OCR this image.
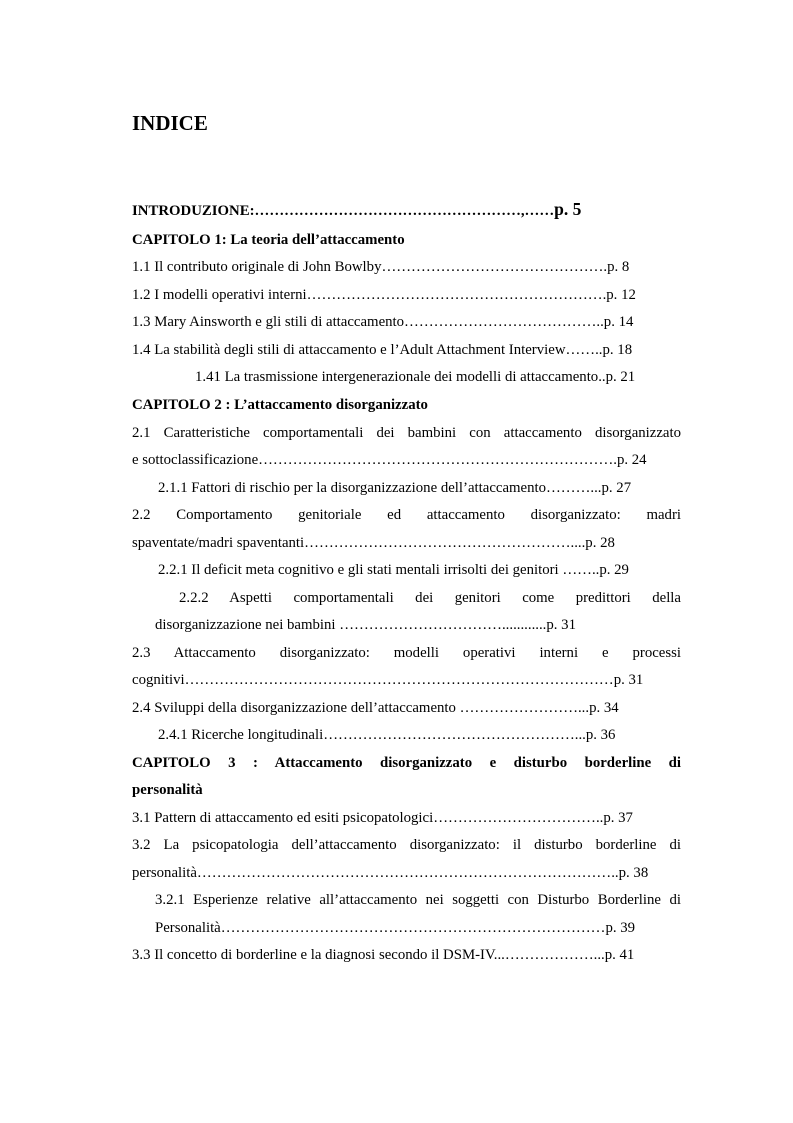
INDICE
INTRODUZIONE:………………………………………………,……p. 5
CAPITOLO 1: La teoria dell’attaccamento
1.1 Il contributo originale di John Bowlby……………………………………….p. 8
1.2 I modelli operativi interni…………………………………………………….p. 12
1.3 Mary Ainsworth e gli stili di attaccamento…………………………………..p. 14
1.4 La stabilità degli stili di attaccamento e l’Adult Attachment Interview……..p. 18
1.41 La trasmissione intergenerazionale dei modelli di attaccamento..p. 21
CAPITOLO 2 : L’attaccamento disorganizzato
2.1 Caratteristiche comportamentali dei bambini con attaccamento disorganizzato
e sottoclassificazione……………………………………………………………….p. 24
2.1.1 Fattori di rischio per la disorganizzazione dell’attaccamento………...p. 27
2.2 Comportamento genitoriale ed attaccamento disorganizzato: madri
spaventate/madri spaventanti………………………………………………....p. 28
2.2.1 Il deficit meta cognitivo e gli stati mentali irrisolti dei genitori ……..p. 29
2.2.2 Aspetti comportamentali dei genitori come predittori della
disorganizzazione nei bambini ……………………………............p. 31
2.3 Attaccamento disorganizzato: modelli operativi interni e processi
cognitivi……………………………………………………………………………p. 31
2.4 Sviluppi della disorganizzazione dell’attaccamento ……………………...p. 34
2.4.1 Ricerche longitudinali……………………………………………...p. 36
CAPITOLO 3 : Attaccamento disorganizzato e disturbo borderline di
personalità
3.1 Pattern di attaccamento ed esiti psicopatologici……………………………..p. 37
3.2 La psicopatologia dell’attaccamento disorganizzato: il disturbo borderline di
personalità…………………………………………………………………………..p. 38
3.2.1 Esperienze relative all’attaccamento nei soggetti con Disturbo Borderline di
Personalità……………………………………………………………………p. 39
3.3 Il concetto di borderline e la diagnosi secondo il DSM-IV...………………...p. 41
